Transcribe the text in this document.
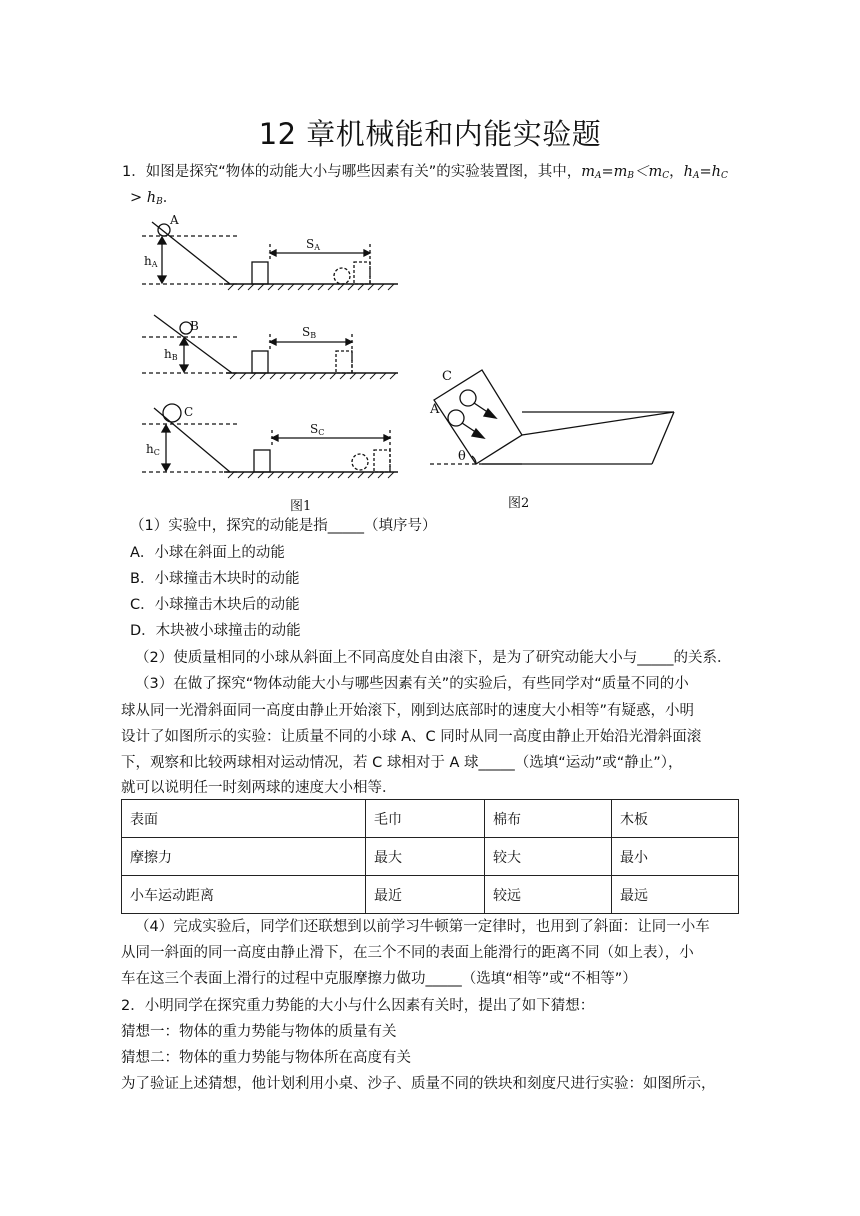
12 章机械能和内能实验题
1．如图是探究“物体的动能大小与哪些因素有关”的实验装置图，其中，$m_A=m_B<m_C$，$h_A=h_C$
> $h_B$．
A
hA
SA
B
hB
SB
C
hC
SC
C
A
θ
图1	图2
（1）实验中，探究的动能是指_____（填序号）
A．小球在斜面上的动能
B．小球撞击木块时的动能
C．小球撞击木块后的动能
D．木块被小球撞击的动能
（2）使质量相同的小球从斜面上不同高度处自由滚下，是为了研究动能大小与_____的关系．
（3）在做了探究“物体动能大小与哪些因素有关”的实验后，有些同学对“质量不同的小
球从同一光滑斜面同一高度由静止开始滚下，刚到达底部时的速度大小相等”有疑惑，小明
设计了如图所示的实验：让质量不同的小球 A、C 同时从同一高度由静止开始沿光滑斜面滚
下，观察和比较两球相对运动情况，若 C 球相对于 A 球_____（选填“运动”或“静止”），
就可以说明任一时刻两球的速度大小相等．
表面	毛巾	棉布	木板
摩擦力	最大	较大	最小
小车运动距离	最近	较远	最远
（4）完成实验后，同学们还联想到以前学习牛顿第一定律时，也用到了斜面：让同一小车
从同一斜面的同一高度由静止滑下，在三个不同的表面上能滑行的距离不同（如上表），小
车在这三个表面上滑行的过程中克服摩擦力做功_____（选填“相等”或“不相等”）
2．小明同学在探究重力势能的大小与什么因素有关时，提出了如下猜想：
猜想一：物体的重力势能与物体的质量有关
猜想二：物体的重力势能与物体所在高度有关
为了验证上述猜想，他计划利用小桌、沙子、质量不同的铁块和刻度尺进行实验：如图所示，
